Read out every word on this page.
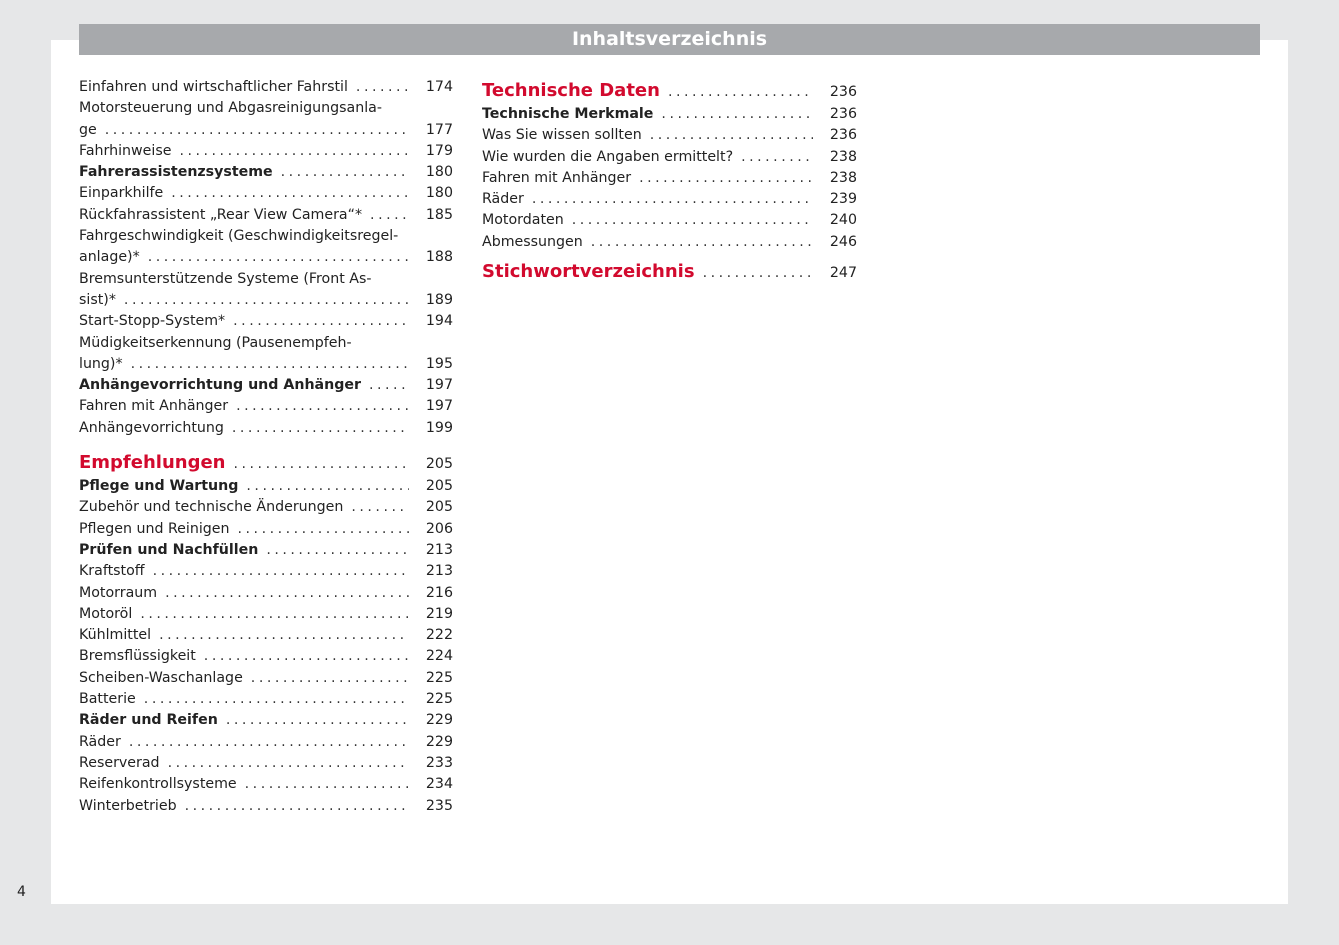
Inhaltsverzeichnis
Einfahren und wirtschaftlicher Fahrstil . . .	174
Motorsteuerung und Abgasreinigungsanla-
ge . . .	177
Fahrhinweise . . .	179
Fahrerassistenzsysteme . . .	180
Einparkhilfe . . .	180
Rückfahrassistent „Rear View Camera“* . . .	185
Fahrgeschwindigkeit (Geschwindigkeitsregel-
anlage)* . . .	188
Bremsunterstützende Systeme (Front As-
sist)* . . .	189
Start-Stopp-System* . . .	194
Müdigkeitserkennung (Pausenempfeh-
lung)* . . .	195
Anhängevorrichtung und Anhänger . . .	197
Fahren mit Anhänger . . .	197
Anhängevorrichtung . . .	199
Empfehlungen . . .	205
Pflege und Wartung . . .	205
Zubehör und technische Änderungen . . .	205
Pflegen und Reinigen . . .	206
Prüfen und Nachfüllen . . .	213
Kraftstoff . . .	213
Motorraum . . .	216
Motoröl . . .	219
Kühlmittel . . .	222
Bremsflüssigkeit . . .	224
Scheiben-Waschanlage . . .	225
Batterie . . .	225
Räder und Reifen . . .	229
Räder . . .	229
Reserverad . . .	233
Reifenkontrollsysteme . . .	234
Winterbetrieb . . .	235
Technische Daten . . .	236
Technische Merkmale . . .	236
Was Sie wissen sollten . . .	236
Wie wurden die Angaben ermittelt? . . .	238
Fahren mit Anhänger . . .	238
Räder . . .	239
Motordaten . . .	240
Abmessungen . . .	246
Stichwortverzeichnis . . .	247
4
